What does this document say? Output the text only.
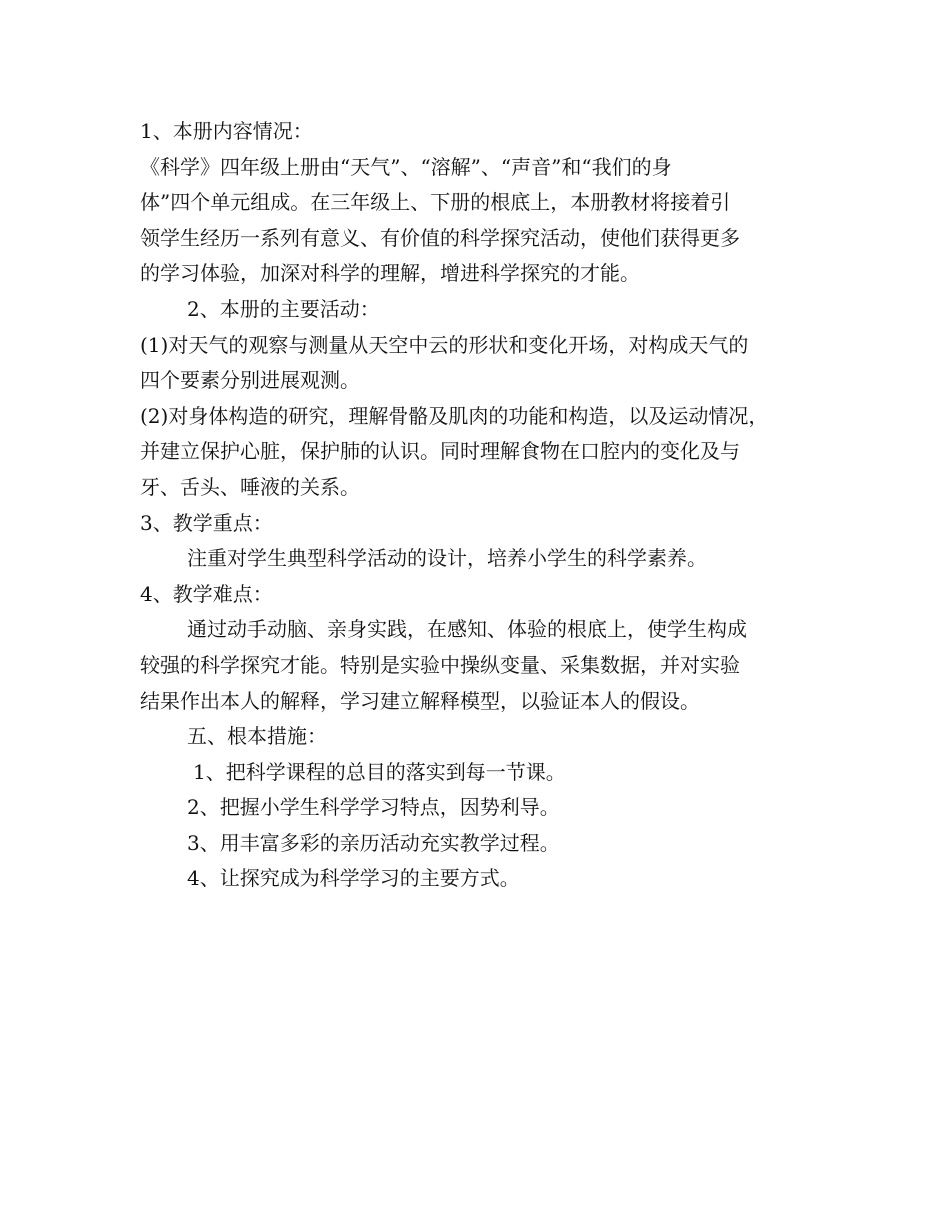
1、本册内容情况：
《科学》四年级上册由“天气”、“溶解”、“声音”和“我们的身
体”四个单元组成。在三年级上、下册的根底上，本册教材将接着引
领学生经历一系列有意义、有价值的科学探究活动，使他们获得更多
的学习体验，加深对科学的理解，增进科学探究的才能。
2、本册的主要活动：
(1)对天气的观察与测量从天空中云的形状和变化开场，对构成天气的
四个要素分别进展观测。
(2)对身体构造的研究，理解骨骼及肌肉的功能和构造，以及运动情况，
并建立保护心脏，保护肺的认识。同时理解食物在口腔内的变化及与
牙、舌头、唾液的关系。
3、教学重点：
注重对学生典型科学活动的设计，培养小学生的科学素养。
4、教学难点：
通过动手动脑、亲身实践，在感知、体验的根底上，使学生构成
较强的科学探究才能。特别是实验中操纵变量、采集数据，并对实验
结果作出本人的解释，学习建立解释模型，以验证本人的假设。
五、根本措施：
1、把科学课程的总目的落实到每一节课。
2、把握小学生科学学习特点，因势利导。
3、用丰富多彩的亲历活动充实教学过程。
4、让探究成为科学学习的主要方式。
